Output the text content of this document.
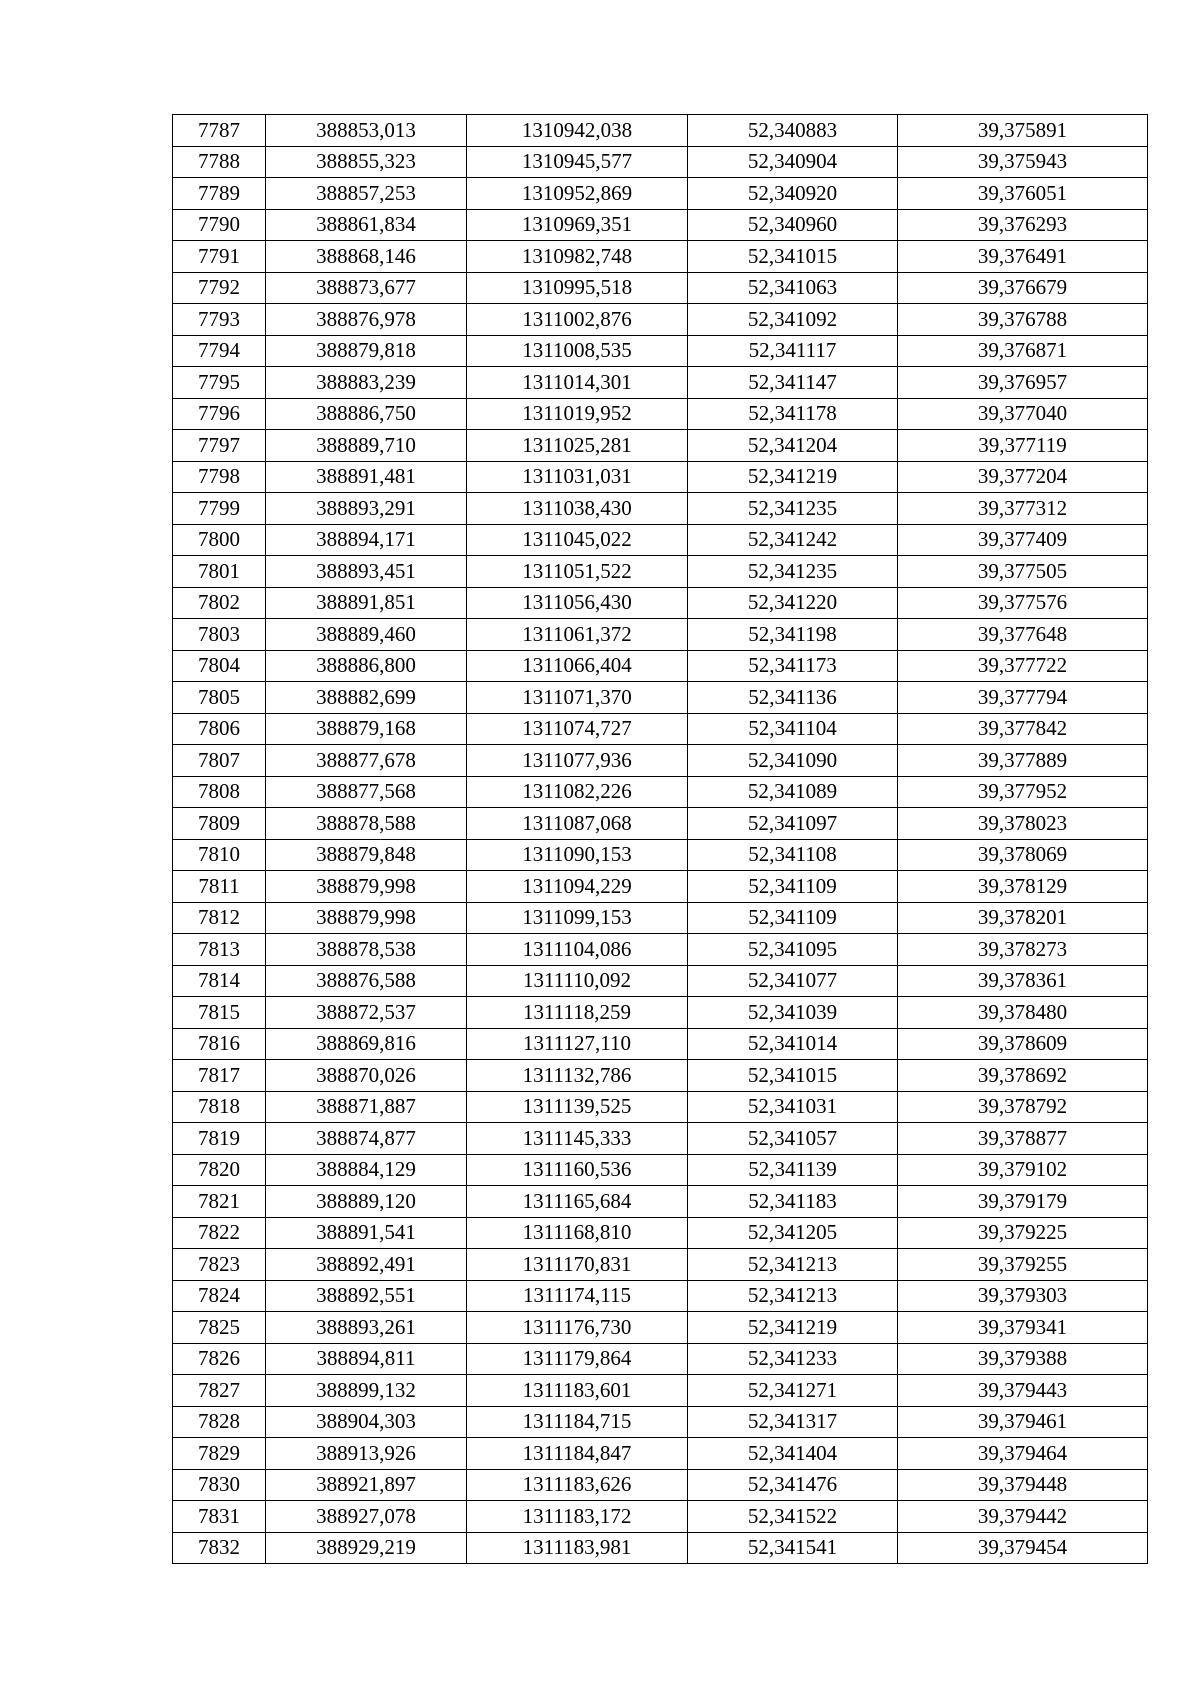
7787	388853,013	1310942,038	52,340883	39,375891
7788	388855,323	1310945,577	52,340904	39,375943
7789	388857,253	1310952,869	52,340920	39,376051
7790	388861,834	1310969,351	52,340960	39,376293
7791	388868,146	1310982,748	52,341015	39,376491
7792	388873,677	1310995,518	52,341063	39,376679
7793	388876,978	1311002,876	52,341092	39,376788
7794	388879,818	1311008,535	52,341117	39,376871
7795	388883,239	1311014,301	52,341147	39,376957
7796	388886,750	1311019,952	52,341178	39,377040
7797	388889,710	1311025,281	52,341204	39,377119
7798	388891,481	1311031,031	52,341219	39,377204
7799	388893,291	1311038,430	52,341235	39,377312
7800	388894,171	1311045,022	52,341242	39,377409
7801	388893,451	1311051,522	52,341235	39,377505
7802	388891,851	1311056,430	52,341220	39,377576
7803	388889,460	1311061,372	52,341198	39,377648
7804	388886,800	1311066,404	52,341173	39,377722
7805	388882,699	1311071,370	52,341136	39,377794
7806	388879,168	1311074,727	52,341104	39,377842
7807	388877,678	1311077,936	52,341090	39,377889
7808	388877,568	1311082,226	52,341089	39,377952
7809	388878,588	1311087,068	52,341097	39,378023
7810	388879,848	1311090,153	52,341108	39,378069
7811	388879,998	1311094,229	52,341109	39,378129
7812	388879,998	1311099,153	52,341109	39,378201
7813	388878,538	1311104,086	52,341095	39,378273
7814	388876,588	1311110,092	52,341077	39,378361
7815	388872,537	1311118,259	52,341039	39,378480
7816	388869,816	1311127,110	52,341014	39,378609
7817	388870,026	1311132,786	52,341015	39,378692
7818	388871,887	1311139,525	52,341031	39,378792
7819	388874,877	1311145,333	52,341057	39,378877
7820	388884,129	1311160,536	52,341139	39,379102
7821	388889,120	1311165,684	52,341183	39,379179
7822	388891,541	1311168,810	52,341205	39,379225
7823	388892,491	1311170,831	52,341213	39,379255
7824	388892,551	1311174,115	52,341213	39,379303
7825	388893,261	1311176,730	52,341219	39,379341
7826	388894,811	1311179,864	52,341233	39,379388
7827	388899,132	1311183,601	52,341271	39,379443
7828	388904,303	1311184,715	52,341317	39,379461
7829	388913,926	1311184,847	52,341404	39,379464
7830	388921,897	1311183,626	52,341476	39,379448
7831	388927,078	1311183,172	52,341522	39,379442
7832	388929,219	1311183,981	52,341541	39,379454
